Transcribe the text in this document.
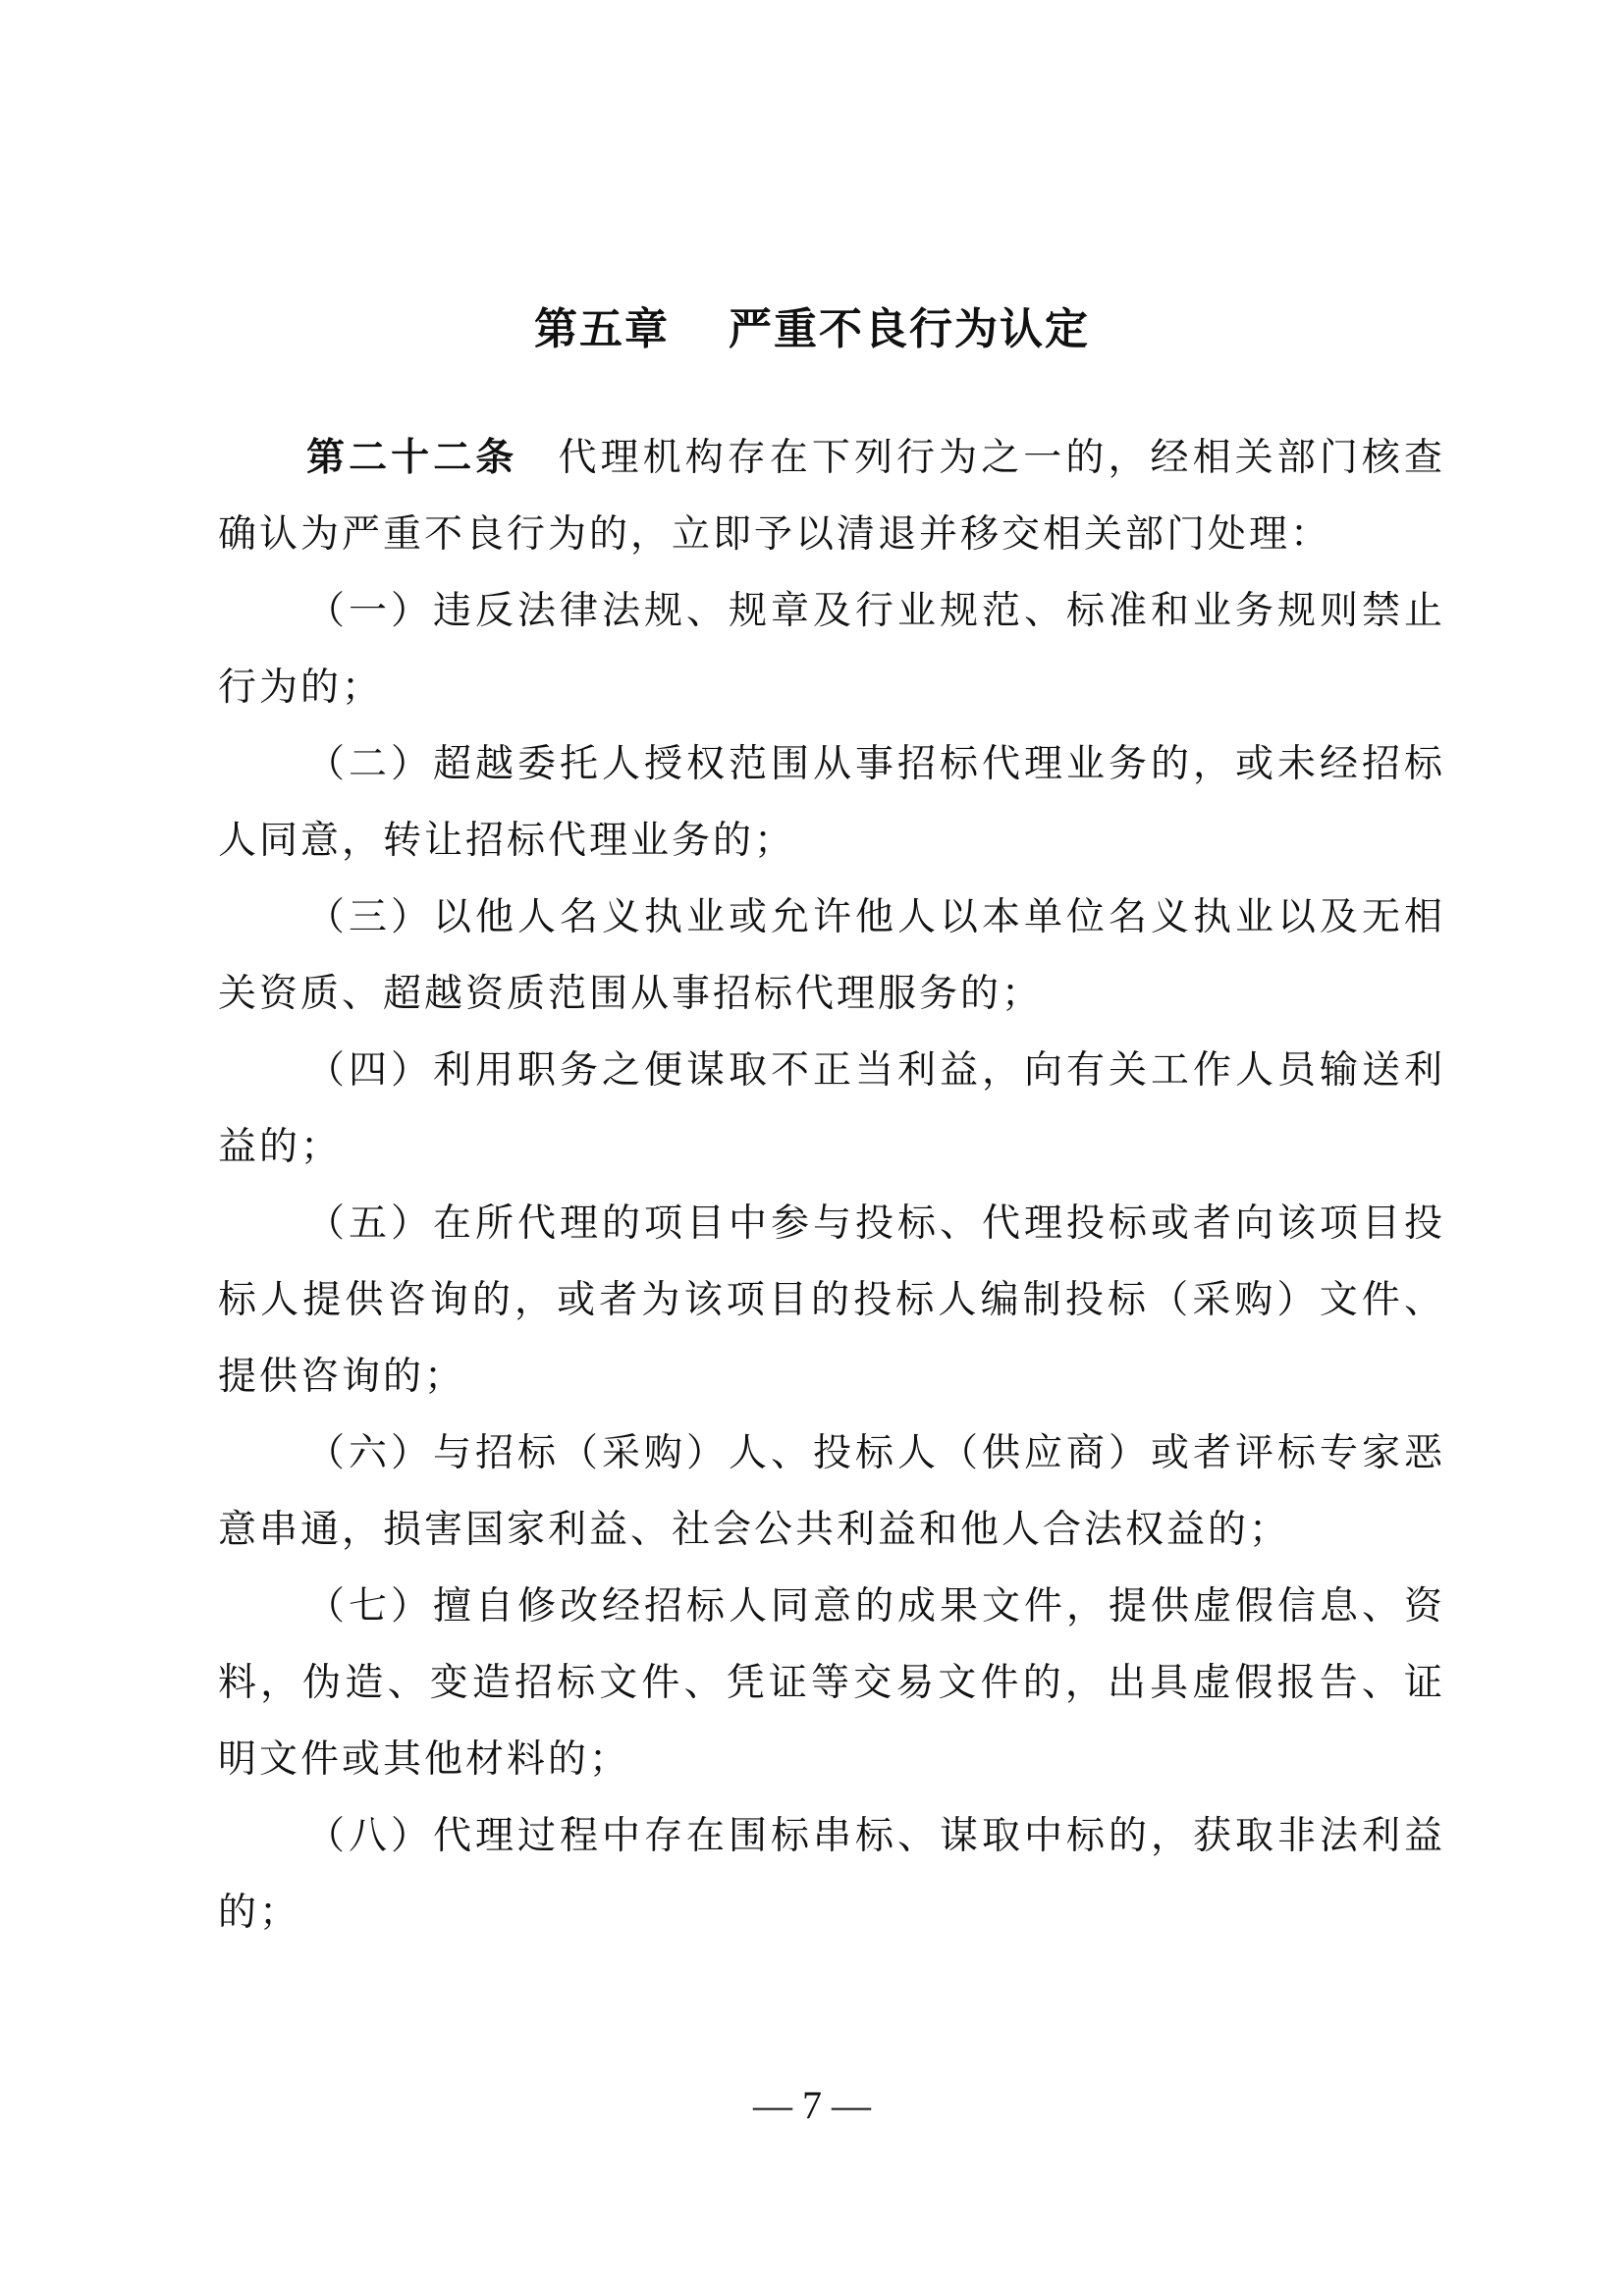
第五章 严重不良行为认定

第二十二条 代理机构存在下列行为之一的，经相关部门核查确认为严重不良行为的，立即予以清退并移交相关部门处理：

（一）违反法律法规、规章及行业规范、标准和业务规则禁止行为的；

（二）超越委托人授权范围从事招标代理业务的，或未经招标人同意，转让招标代理业务的；

（三）以他人名义执业或允许他人以本单位名义执业以及无相关资质、超越资质范围从事招标代理服务的；

（四）利用职务之便谋取不正当利益，向有关工作人员输送利益的；

（五）在所代理的项目中参与投标、代理投标或者向该项目投标人提供咨询的，或者为该项目的投标人编制投标（采购）文件、提供咨询的；

（六）与招标（采购）人、投标人（供应商）或者评标专家恶意串通，损害国家利益、社会公共利益和他人合法权益的；

（七）擅自修改经招标人同意的成果文件，提供虚假信息、资料，伪造、变造招标文件、凭证等交易文件的，出具虚假报告、证明文件或其他材料的；

（八）代理过程中存在围标串标、谋取中标的，获取非法利益的；

— 7 —
